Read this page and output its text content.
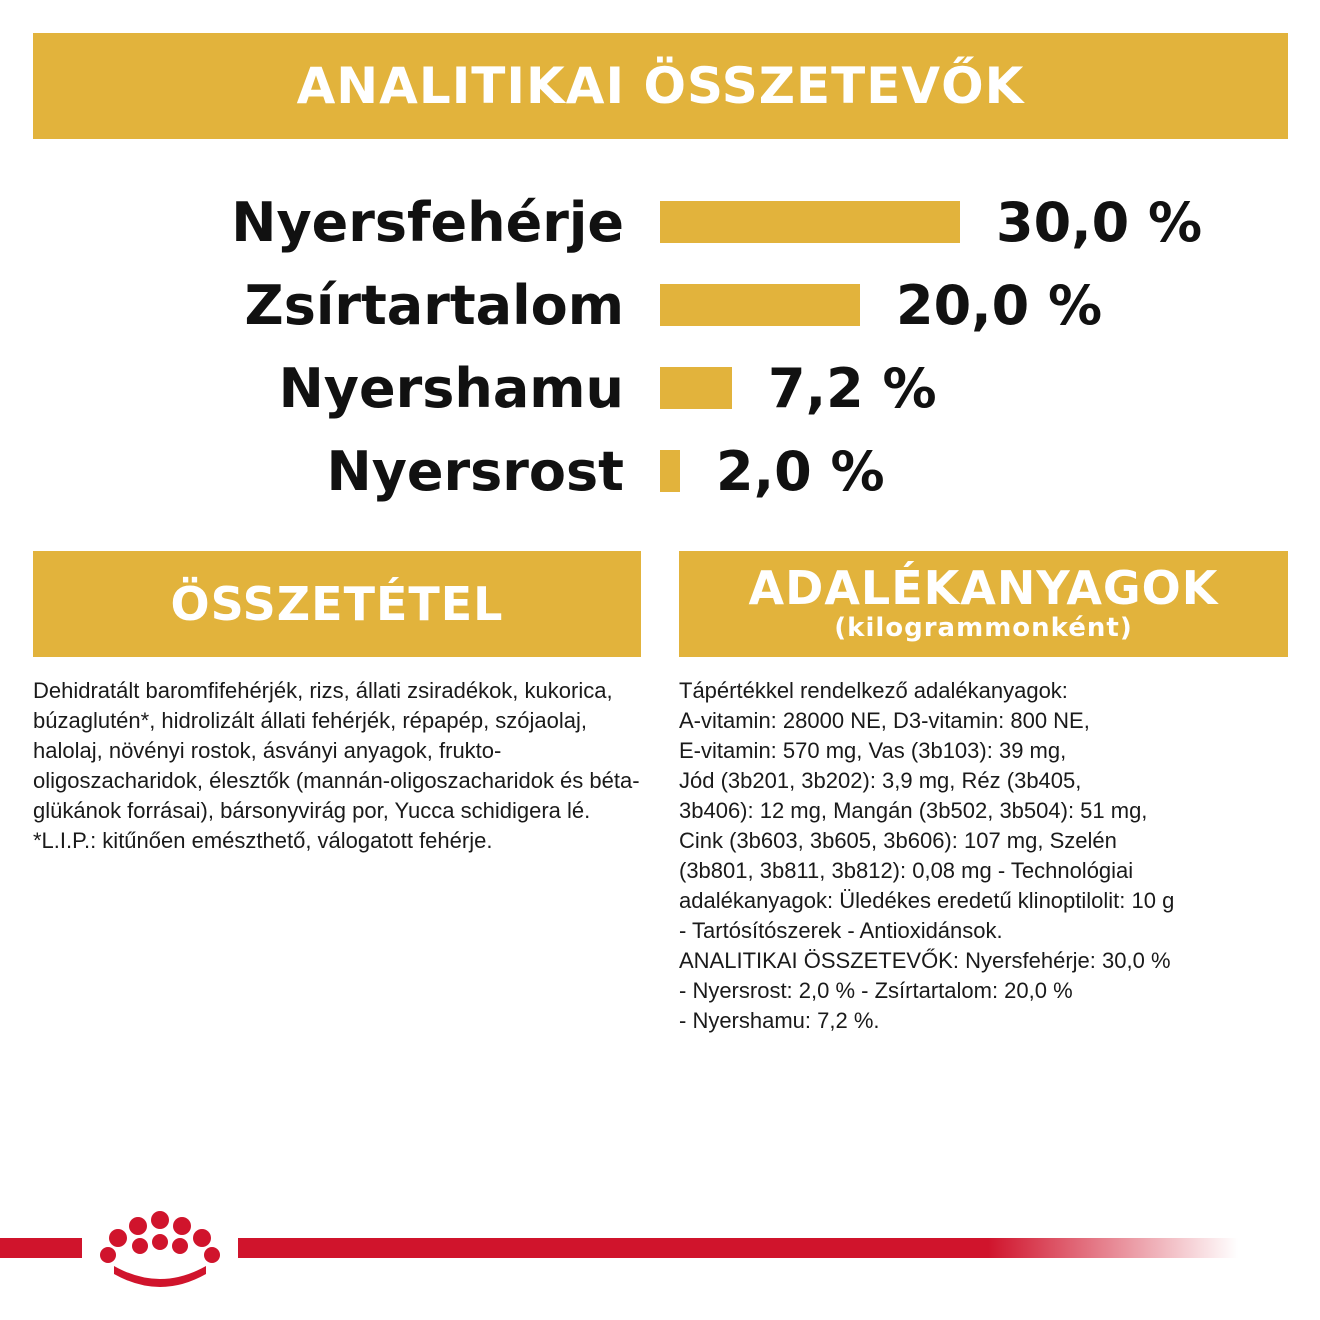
ANALITIKAI ÖSSZETEVŐK
Nyersfehérje	30,0 %
Zsírtartalom	20,0 %
Nyershamu	7,2 %
Nyersrost 2,0 %
ÖSSZETÉTEL	ADALÉKANYAGOK
(kilogrammonként)
Dehidratált baromfifehérjék, rizs, állati zsiradékok, kukorica, búzaglutén*, hidrolizált állati fehérjék, répapép, szójaolaj, halolaj, növényi rostok, ásványi anyagok, frukto-oligoszacharidok, élesztők (mannán-oligoszacharidok és béta-glükánok forrásai), bársonyvirág por, Yucca schidigera lé. *L.I.P.: kitűnően emészthető, válogatott fehérje.
Tápértékkel rendelkező adalékanyagok:
A-vitamin: 28000 NE, D3-vitamin: 800 NE,
E-vitamin: 570 mg, Vas (3b103): 39 mg,
Jód (3b201, 3b202): 3,9 mg, Réz (3b405,
3b406): 12 mg, Mangán (3b502, 3b504): 51 mg,
Cink (3b603, 3b605, 3b606): 107 mg, Szelén
(3b801, 3b811, 3b812): 0,08 mg - Technológiai
adalékanyagok: Üledékes eredetű klinoptilolit: 10 g
- Tartósítószerek - Antioxidánsok.
ANALITIKAI ÖSSZETEVŐK: Nyersfehérje: 30,0 %
- Nyersrost: 2,0 % - Zsírtartalom: 20,0 %
- Nyershamu: 7,2 %.
